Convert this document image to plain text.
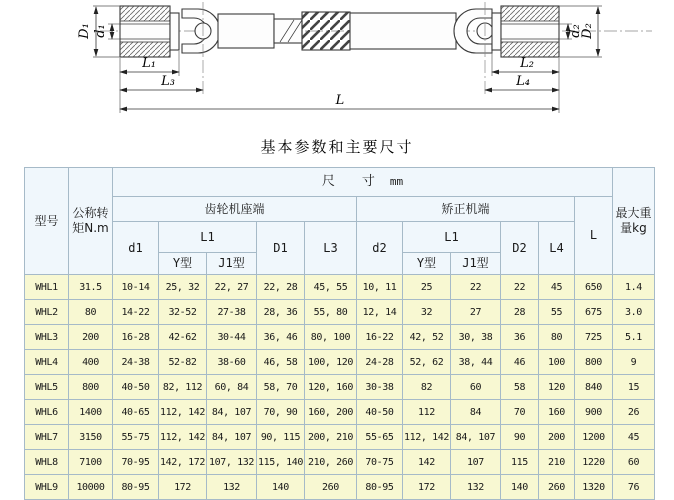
D₁ d₁	d₂
D₂
L₁
L₃
L₂
L₄
L
基本参数和主要尺寸
型号	公称转矩N.m	尺　寸 mm											最大重量kg
		齿轮机座端					矫正机端					L	
		d1	L1		D1	L3	d2	L1		D2	L4		
			Y型	J1型				Y型	J1型				
WHL1	31.5	10-14	25, 32	22, 27	22, 28	45, 55	10, 11	25	22	22	45	650	1.4
WHL2	80	14-22	32-52	27-38	28, 36	55, 80	12, 14	32	27	28	55	675	3.0
WHL3	200	16-28	42-62	30-44	36, 46	80, 100	16-22	42, 52	30, 38	36	80	725	5.1
WHL4	400	24-38	52-82	38-60	46, 58	100, 120	24-28	52, 62	38, 44	46	100	800	9
WHL5	800	40-50	82, 112	60, 84	58, 70	120, 160	30-38	82	60	58	120	840	15
WHL6	1400	40-65	112, 142	84, 107	70, 90	160, 200	40-50	112	84	70	160	900	26
WHL7	3150	55-75	112, 142	84, 107	90, 115	200, 210	55-65	112, 142	84, 107	90	200	1200	45
WHL8	7100	70-95	142, 172	107, 132	115, 140	210, 260	70-75	142	107	115	210	1220	60
WHL9	10000	80-95	172	132	140	260	80-95	172	132	140	260	1320	76
